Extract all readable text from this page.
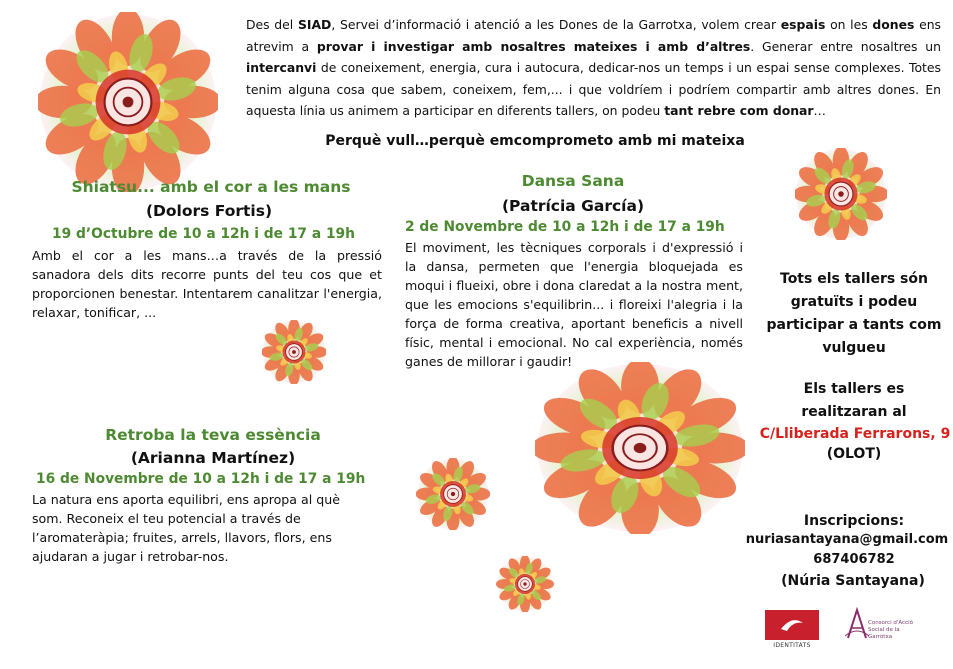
Des del SIAD, Servei d’informació i atenció a les Dones de la Garrotxa, volem crear espais on les dones ens atrevim a provar i investigar amb nosaltres mateixes i amb d’altres. Generar entre nosaltres un intercanvi de coneixement, energia, cura i autocura, dedicar-nos un temps i un espai sense complexes. Totes tenim alguna cosa que sabem, coneixem, fem,... i que voldríem i podríem compartir amb altres dones. En aquesta línia us animem a participar en diferents tallers, on podeu tant rebre com donar…
Perquè vull…perquè emcomprometo amb mi mateixa
Shiatsu... amb el cor a les mans
(Dolors Fortis)
19 d’Octubre de 10 a 12h i de 17 a 19h
Amb el cor a les mans…a través de la pressió sanadora dels dits recorre punts del teu cos que et proporcionen benestar. Intentarem canalitzar l'energia, relaxar, tonificar, ...
Dansa Sana
(Patrícia García)
2 de Novembre de 10 a 12h i de 17 a 19h
El moviment, les tècniques corporals i d'expressió i la dansa, permeten que l'energia bloquejada es moqui i flueixi, obre i dona claredat a la nostra ment, que les emocions s'equilibrin... i floreixi l'alegria i la força de forma creativa, aportant beneficis a nivell físic, mental i emocional. No cal experiència, només ganes de millorar i gaudir!
Retroba la teva essència
(Arianna Martínez)
16 de Novembre de 10 a 12h i de 17 a 19h
La natura ens aporta equilibri, ens apropa al què som. Reconeix el teu potencial a través de l’aromateràpia; fruites, arrels, llavors, flors, ens ajudaran a jugar i retrobar-nos.
Tots els tallers són gratuïts i podeu participar a tants com vulgueu
Els tallers es realitzaran al
C/Lliberada Ferrarons, 9
(OLOT)
Inscripcions:
nuriasantayana@gmail.com
687406782
(Núria Santayana)
IDENTITATS
Consorci d'Acció Social de la Garrotxa
